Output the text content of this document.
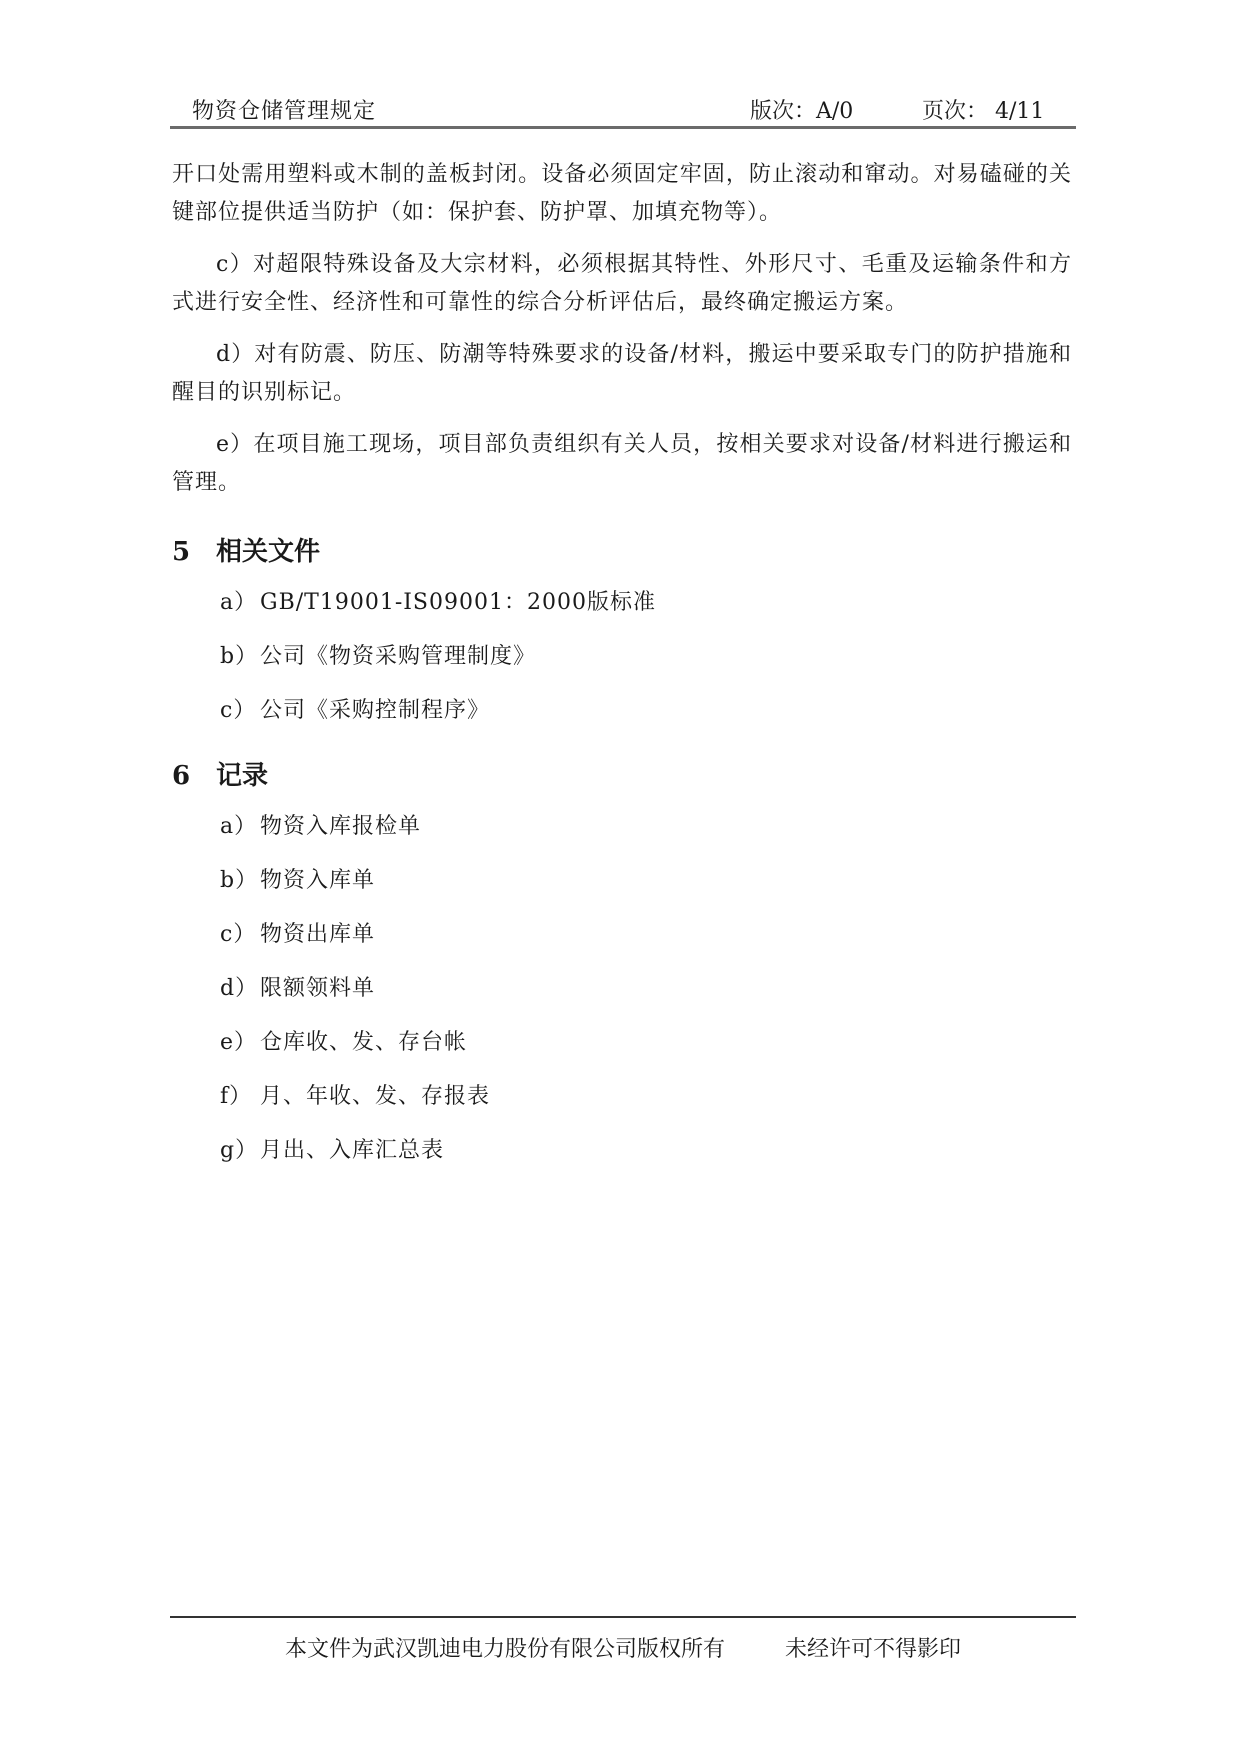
物资仓储管理规定	版次：A/0	页次： 4/11

开口处需用塑料或木制的盖板封闭。设备必须固定牢固，防止滚动和窜动。对易磕碰的关键部位提供适当防护（如：保护套、防护罩、加填充物等）。

c）对超限特殊设备及大宗材料，必须根据其特性、外形尺寸、毛重及运输条件和方式进行安全性、经济性和可靠性的综合分析评估后，最终确定搬运方案。

d）对有防震、防压、防潮等特殊要求的设备/材料，搬运中要采取专门的防护措施和醒目的识别标记。

e）在项目施工现场，项目部负责组织有关人员，按相关要求对设备/材料进行搬运和管理。

5 相关文件
a） GB/T19001-IS09001：2000版标准
b）公司《物资采购管理制度》
c） 公司《采购控制程序》
6 记录
a） 物资入库报检单
b）物资入库单
c） 物资出库单
d）限额领料单
e） 仓库收、发、存台帐
f） 月、年收、发、存报表
g）月出、入库汇总表
本文件为武汉凯迪电力股份有限公司版权所有	未经许可不得影印
